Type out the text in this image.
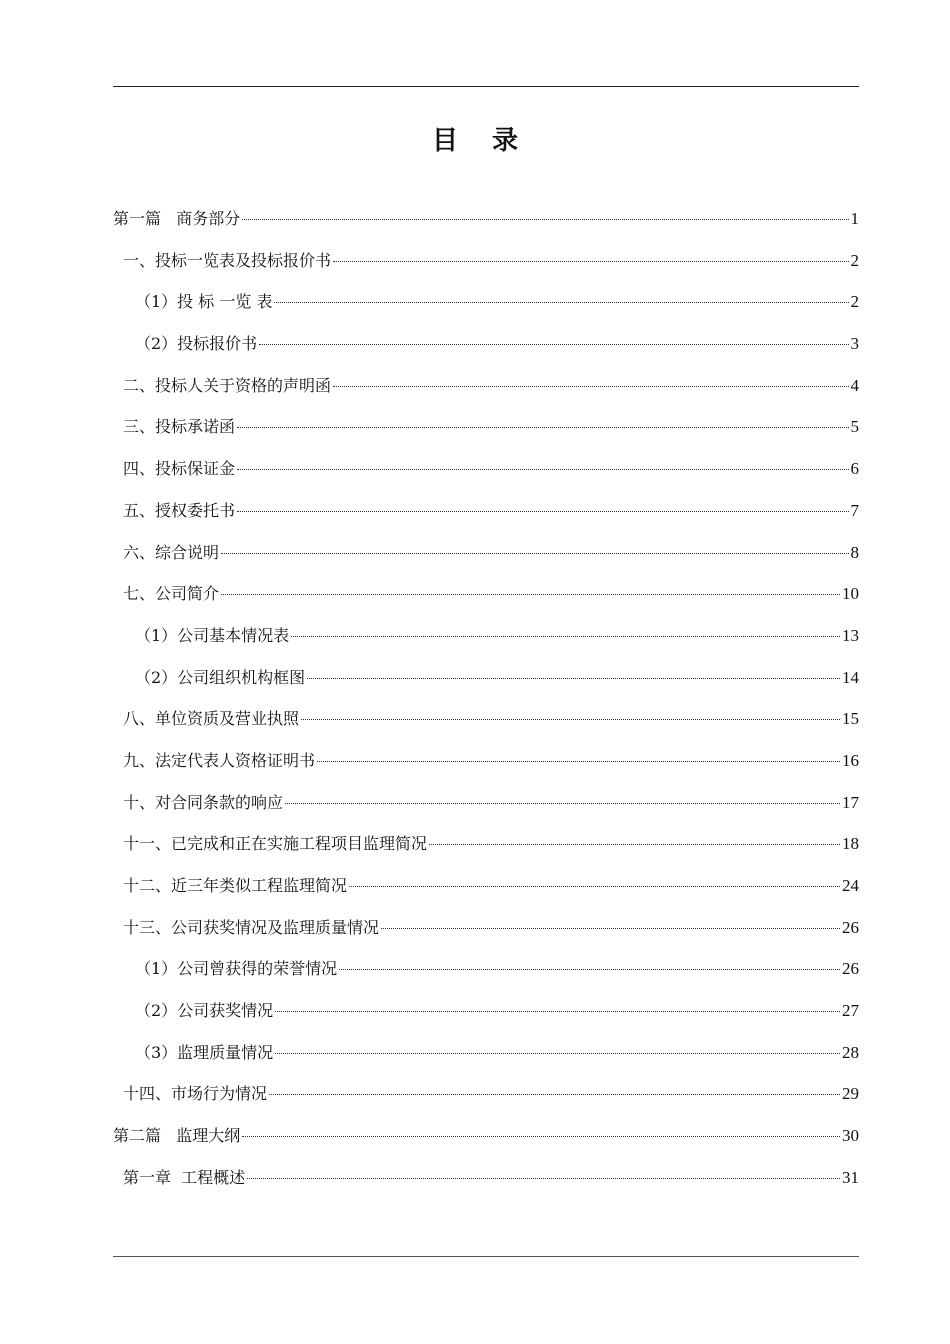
目录
第一篇   商务部分	1
一、投标一览表及投标报价书	2
（1）投 标 一览 表	2
（2）投标报价书	3
二、投标人关于资格的声明函	4
三、投标承诺函	5
四、投标保证金	6
五、授权委托书	7
六、综合说明	8
七、公司简介	10
（1）公司基本情况表	13
（2）公司组织机构框图	14
八、单位资质及营业执照	15
九、法定代表人资格证明书	16
十、对合同条款的响应	17
十一、已完成和正在实施工程项目监理简况	18
十二、近三年类似工程监理简况	24
十三、公司获奖情况及监理质量情况	26
（1）公司曾获得的荣誉情况	26
（2）公司获奖情况	27
（3）监理质量情况	28
十四、市场行为情况	29
第二篇   监理大纲	30
第一章  工程概述	31
